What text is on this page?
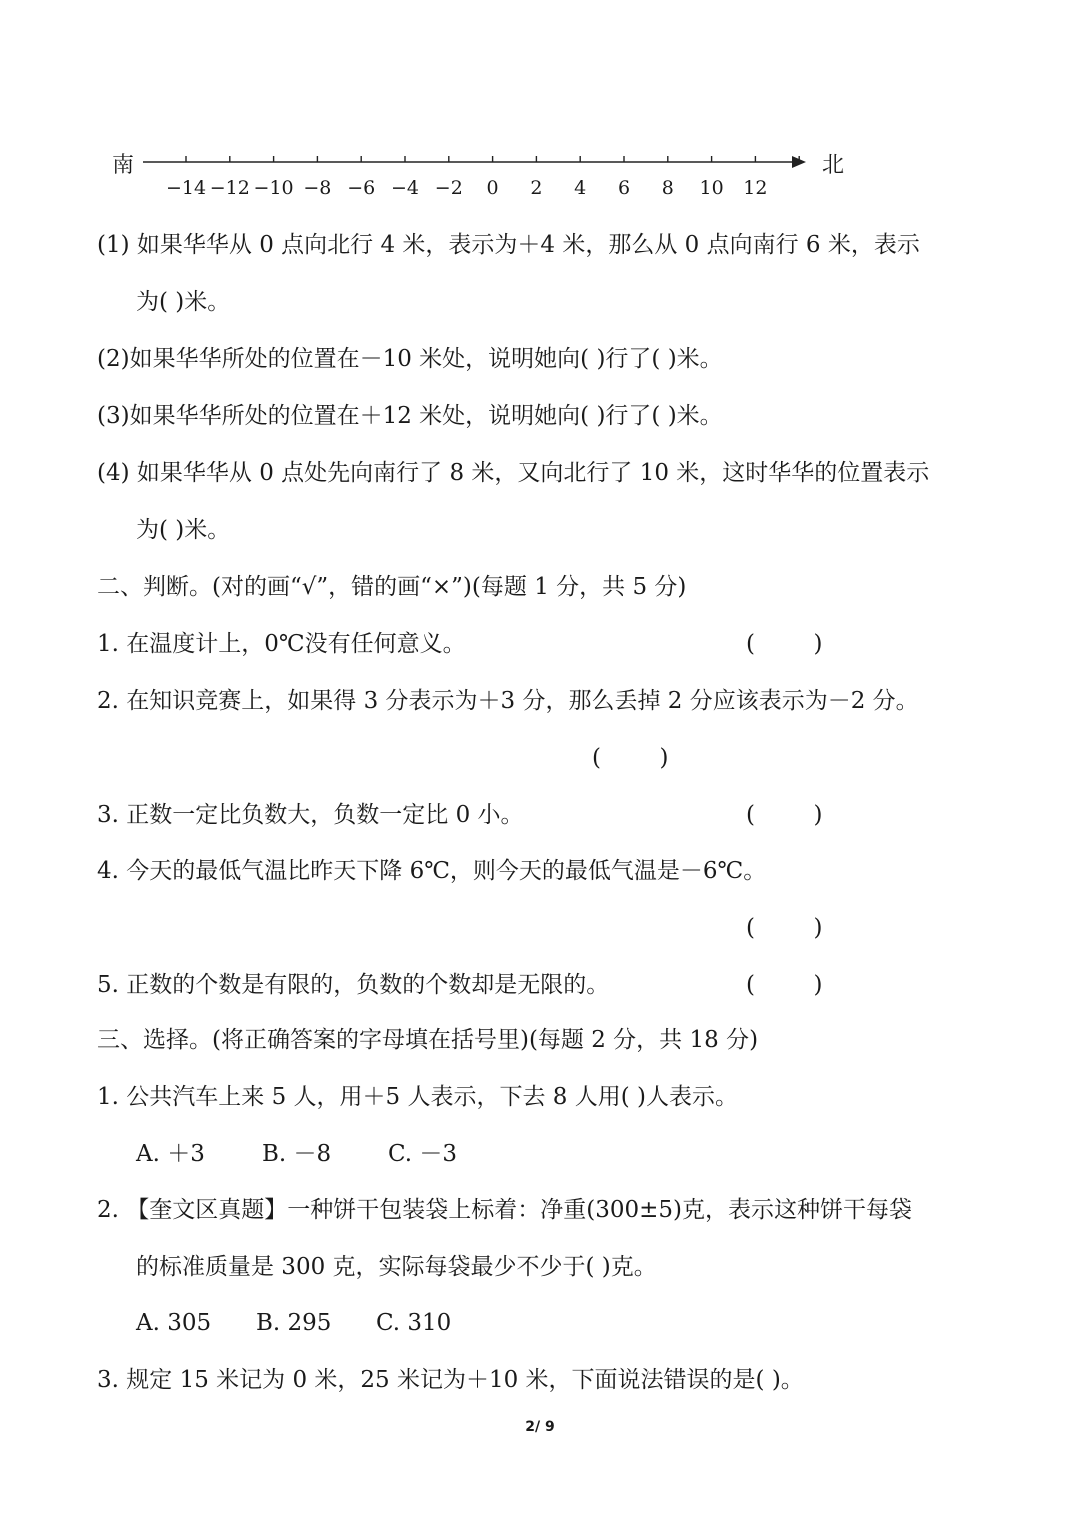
南	北
−14 −12 −10 −8 −6 −4 −2 0 2 4 6 8 10 12
(1) 如果华华从 0 点向北行 4 米，表示为＋4 米，那么从 0 点向南行 6 米，表示
为( )米。
(2)如果华华所处的位置在－10 米处，说明她向( )行了( )米。
(3)如果华华所处的位置在＋12 米处，说明她向( )行了( )米。
(4) 如果华华从 0 点处先向南行了 8 米，又向北行了 10 米，这时华华的位置表示
为( )米。
二、判断。(对的画“√”，错的画“×”)(每题 1 分，共 5 分)
1. 在温度计上，0℃没有任何意义。	(        )
2. 在知识竞赛上，如果得 3 分表示为＋3 分，那么丢掉 2 分应该表示为－2 分。
(        )
3. 正数一定比负数大，负数一定比 0 小。	(        )
4. 今天的最低气温比昨天下降 6℃，则今天的最低气温是－6℃。
(        )
5. 正数的个数是有限的，负数的个数却是无限的。	(        )
三、选择。(将正确答案的字母填在括号里)(每题 2 分，共 18 分)
1. 公共汽车上来 5 人，用＋5 人表示，下去 8 人用( )人表示。
A. ＋3 B. －8 C. －3
2. 【奎文区真题】一种饼干包装袋上标着：净重(300±5)克，表示这种饼干每袋
的标准质量是 300 克，实际每袋最少不少于( )克。
A. 305 B. 295 C. 310
3. 规定 15 米记为 0 米，25 米记为＋10 米，下面说法错误的是( )。
2/ 9
